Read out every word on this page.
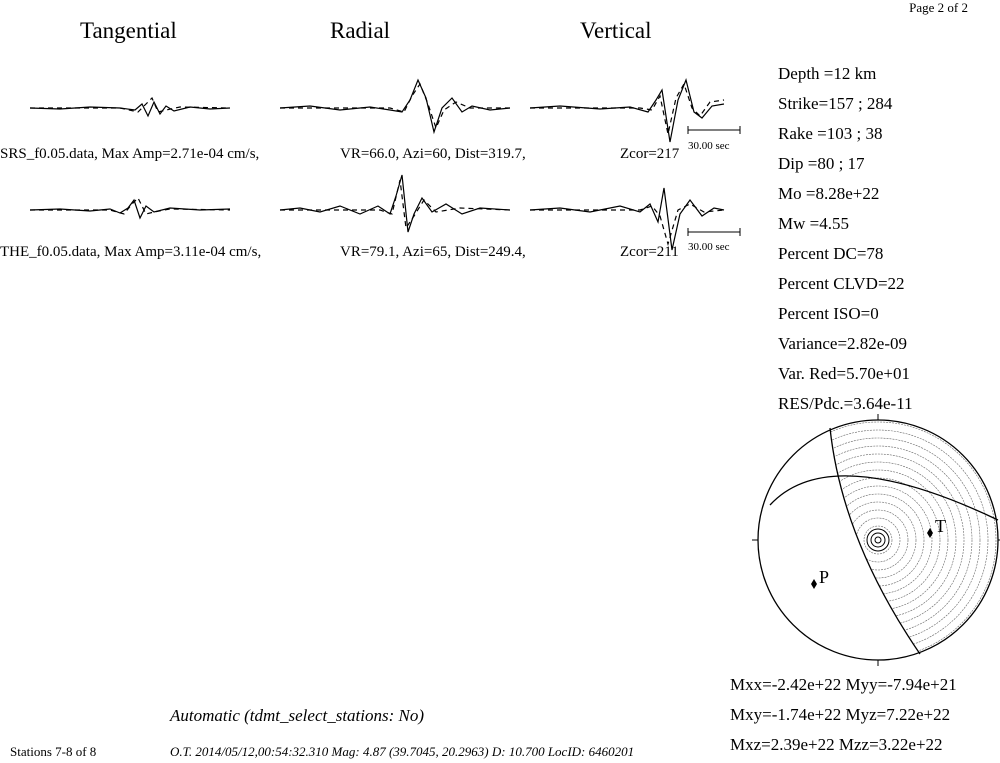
Page 2 of 2
Tangential	Radial	Vertical
SRS_f0.05.data, Max Amp=2.71e-04 cm/s,	VR=66.0, Azi=60, Dist=319.7,	Zcor=217 30.00 sec
THE_f0.05.data, Max Amp=3.11e-04 cm/s,	VR=79.1, Azi=65, Dist=249.4,	Zcor=211 30.00 sec
Depth =12 km
Strike=157 ; 284
Rake =103 ; 38
Dip =80 ; 17
Mo =8.28e+22
Mw =4.55
Percent DC=78
Percent CLVD=22
Percent ISO=0
Variance=2.82e-09
Var. Red=5.70e+01
RES/Pdc.=3.64e-11
T
P
Mxx=-2.42e+22 Myy=-7.94e+21
Mxy=-1.74e+22 Myz=7.22e+22
Mxz=2.39e+22 Mzz=3.22e+22
Automatic (tdmt_select_stations: No)
Stations 7-8 of 8	O.T. 2014/05/12,00:54:32.310 Mag: 4.87 (39.7045, 20.2963) D: 10.700 LocID: 6460201
